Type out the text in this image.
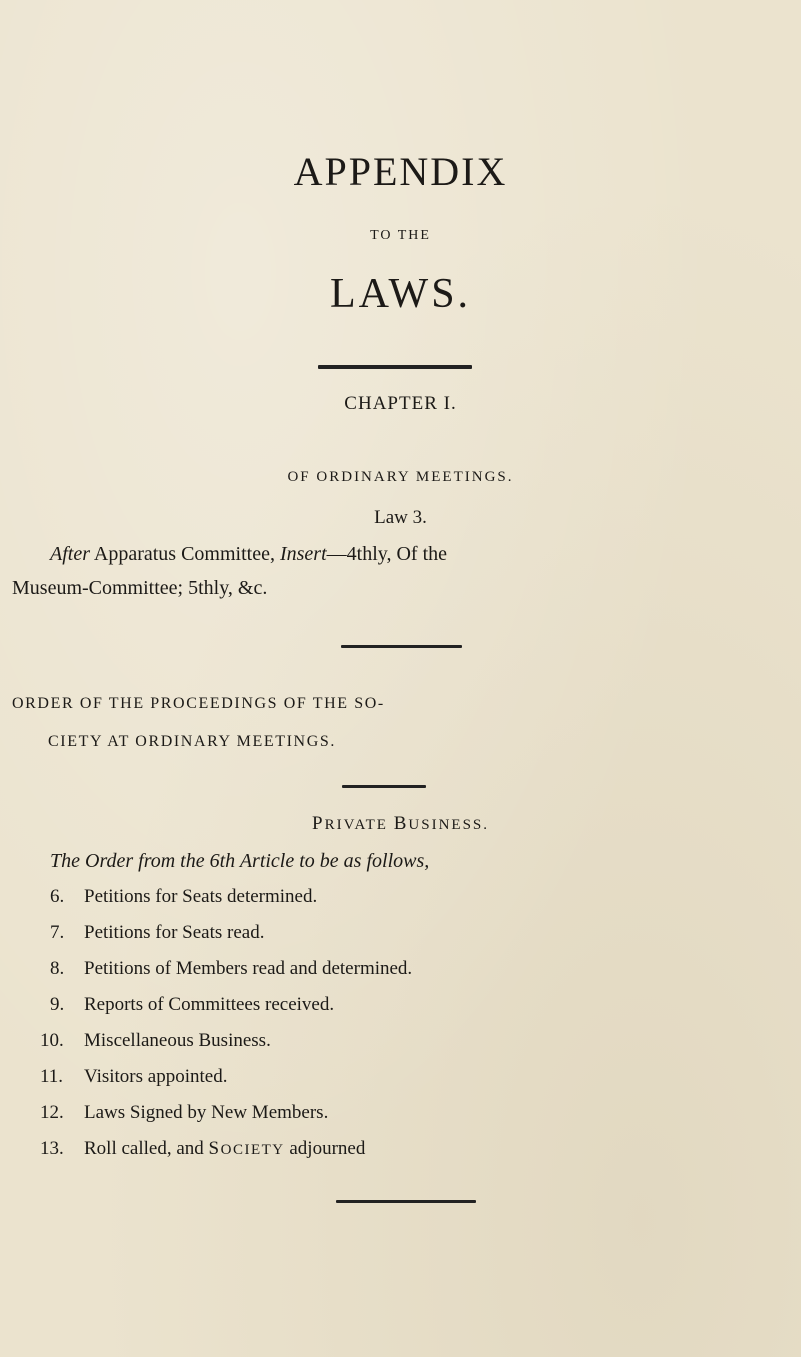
APPENDIX
TO THE
LAWS.
CHAPTER I.
OF ORDINARY MEETINGS.
Law 3.
After Apparatus Committee, Insert—4thly, Of the
Museum-Committee; 5thly, &c.
ORDER OF THE PROCEEDINGS OF THE SO-
CIETY AT ORDINARY MEETINGS.
PRIVATE BUSINESS.
The Order from the 6th Article to be as follows,
6. Petitions for Seats determined.
7. Petitions for Seats read.
8. Petitions of Members read and determined.
9. Reports of Committees received.
10. Miscellaneous Business.
11. Visitors appointed.
12. Laws Signed by New Members.
13. Roll called, and SOCIETY adjourned
